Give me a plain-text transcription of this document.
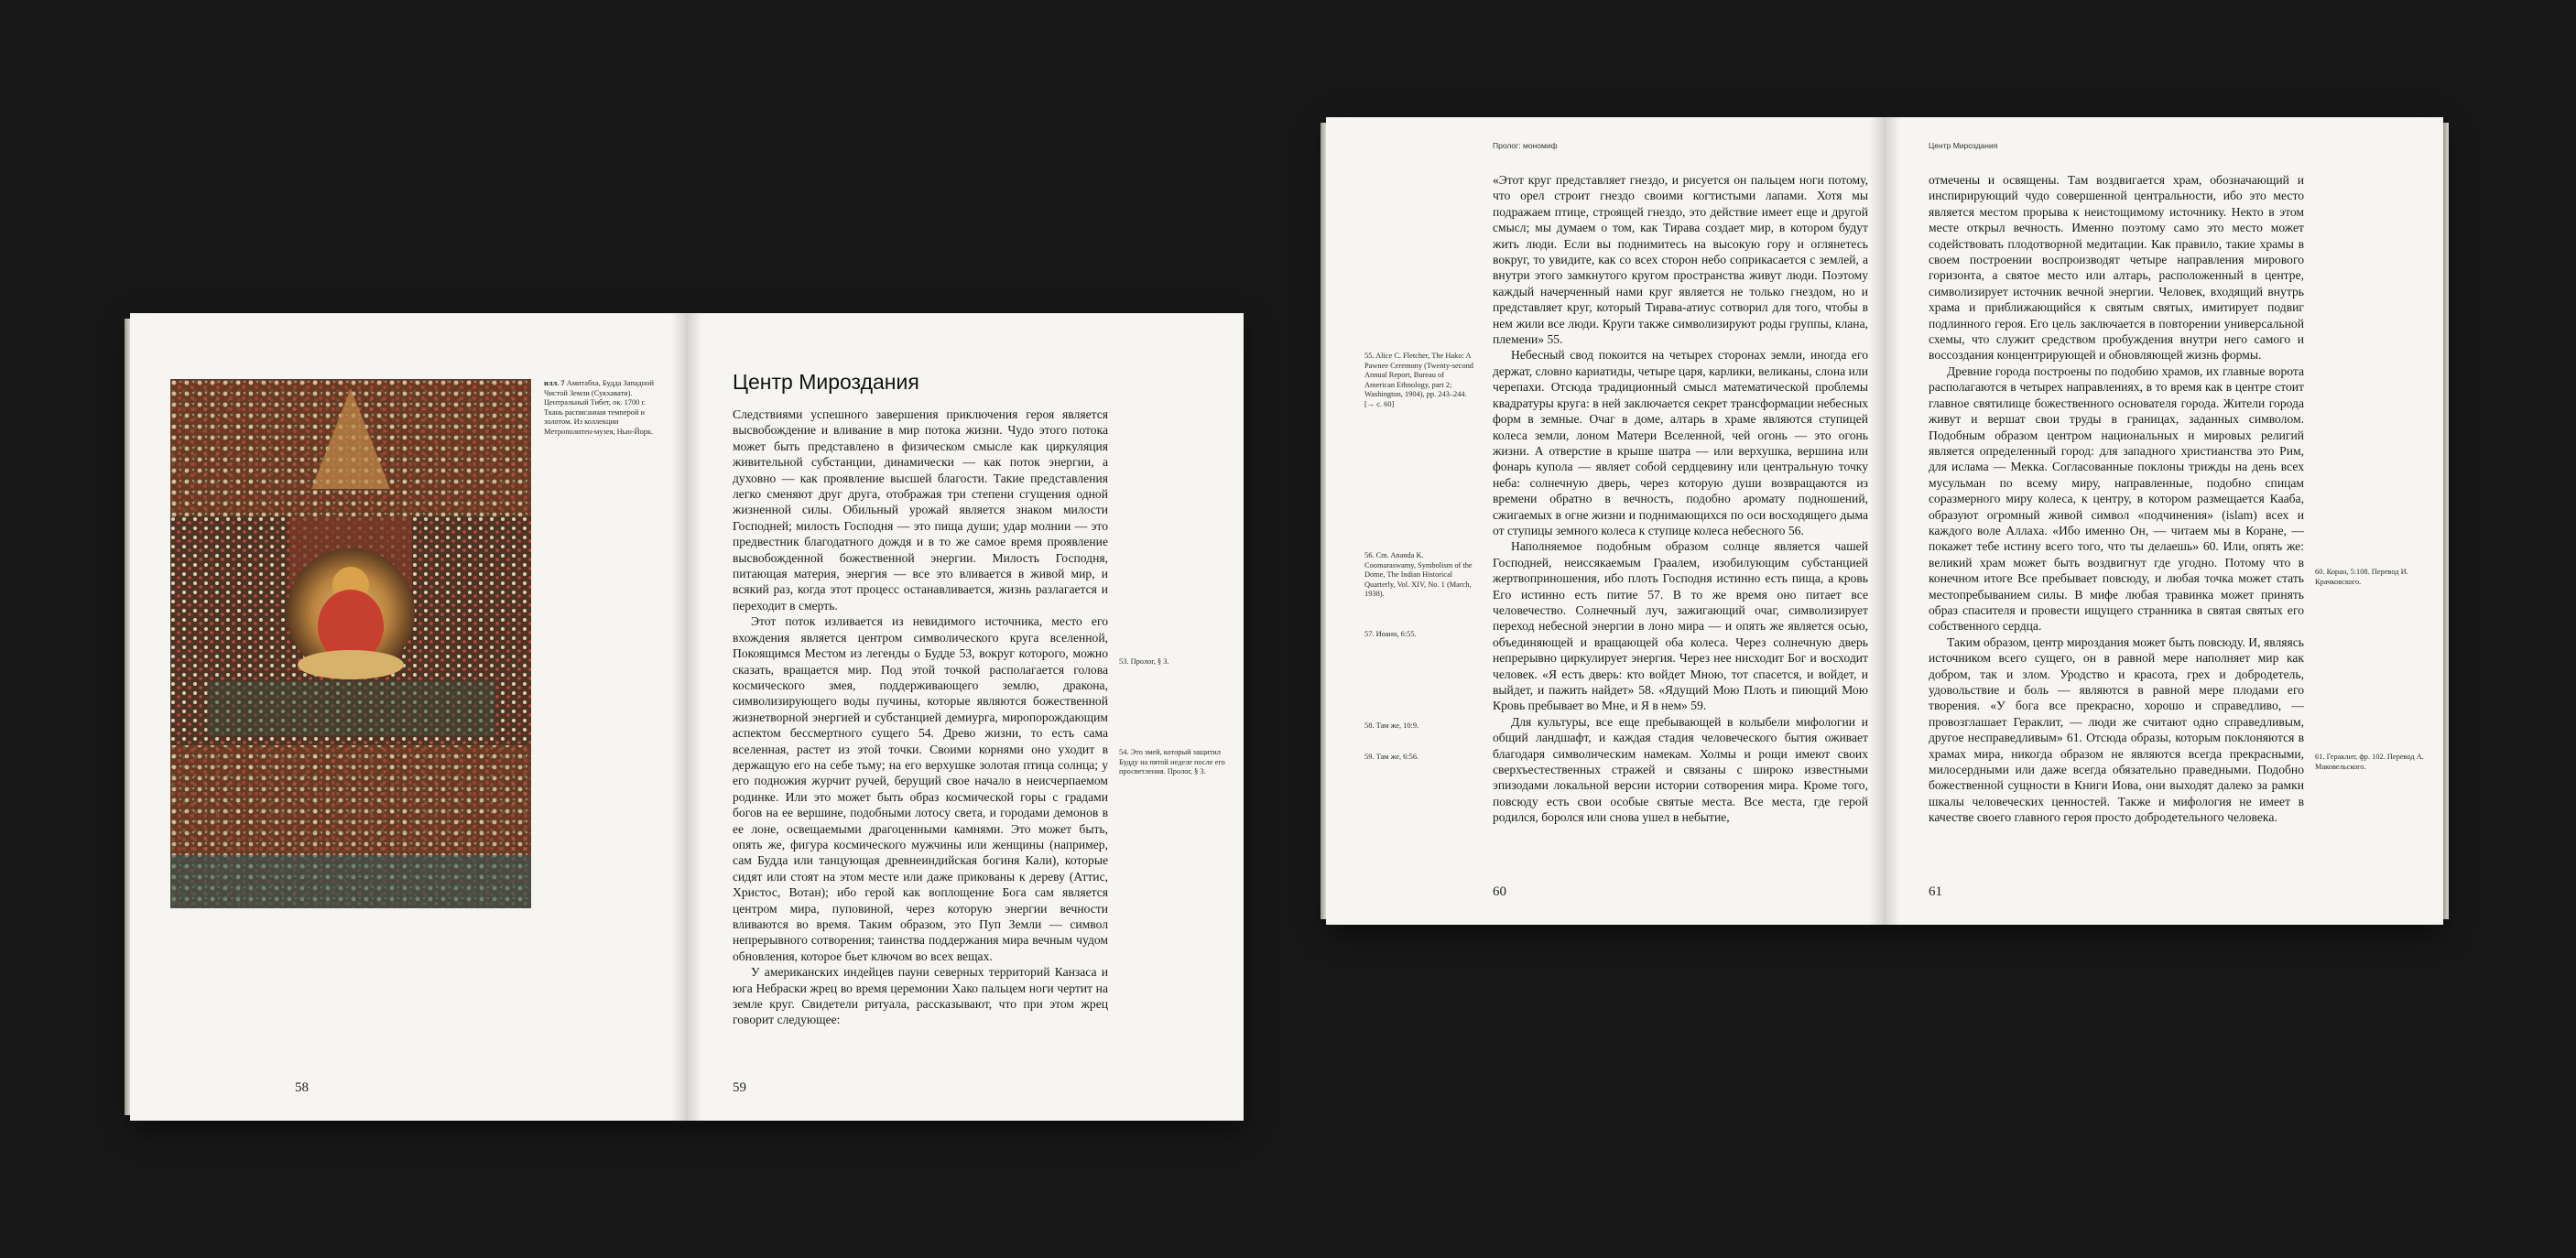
илл. 7 Амитабха, Будда Западной Чистой Земли (Сукхавати). Центральный Тибет, ок. 1700 г. Ткань расписанная темперой и золотом. Из коллекции Метрополитен-музея, Нью-Йорк.
58
Центр Мироздания

Следствиями успешного завершения приключения героя является высвобождение и вливание в мир потока жизни. Чудо этого потока может быть представлено в физическом смысле как циркуляция живительной субстанции, динамически — как поток энергии, а духовно — как проявление высшей благости. Такие представления легко сменяют друг друга, отображая три степени сгущения одной жизненной силы. Обильный урожай является знаком милости Господней; милость Господня — это пища души; удар молнии — это предвестник благодатного дождя и в то же самое время проявление высвобожденной божественной энергии. Милость Господня, питающая материя, энергия — все это вливается в живой мир, и всякий раз, когда этот процесс останавливается, жизнь разлагается и переходит в смерть.

Этот поток изливается из невидимого источника, место его вхождения является центром символического круга вселенной, Покоящимся Местом из легенды о Будде 53, вокруг которого, можно сказать, вращается мир. Под этой точкой располагается голова космического змея, поддерживающего землю, дракона, символизирующего воды пучины, которые являются божественной жизнетворной энергией и субстанцией демиурга, миропорождающим аспектом бессмертного сущего 54. Древо жизни, то есть сама вселенная, растет из этой точки. Своими корнями оно уходит в держащую его на себе тьму; на его верхушке золотая птица солнца; у его подножия журчит ручей, берущий свое начало в неисчерпаемом родинке. Или это может быть образ космической горы с градами богов на ее вершине, подобными лотосу света, и городами демонов в ее лоне, освещаемыми драгоценными камнями. Это может быть, опять же, фигура космического мужчины или женщины (например, сам Будда или танцующая древнеиндийская богиня Кали), которые сидят или стоят на этом месте или даже прикованы к дереву (Аттис, Христос, Вотан); ибо герой как воплощение Бога сам является центром мира, пуповиной, через которую энергии вечности вливаются во время. Таким образом, это Пуп Земли — символ непрерывного сотворения; таинства поддержания мира вечным чудом обновления, которое бьет ключом во всех вещах.

У американских индейцев пауни северных территорий Канзаса и юга Небраски жрец во время церемонии Хако пальцем ноги чертит на земле круг. Свидетели ритуала, рассказывают, что при этом жрец говорит следующее:

53. Пролог, § 3.
54. Это змей, который защитил Будду на пятой неделе после его просветления. Пролог, § 3.
59
Пролог: мономиф

«Этот круг представляет гнездо, и рисуется он пальцем ноги потому, что орел строит гнездо своими когтистыми лапами. Хотя мы подражаем птице, строящей гнездо, это действие имеет еще и другой смысл; мы думаем о том, как Тирава создает мир, в котором будут жить люди. Если вы поднимитесь на высокую гору и оглянетесь вокруг, то увидите, как со всех сторон небо соприкасается с землей, а внутри этого замкнутого кругом пространства живут люди. Поэтому каждый начерченный нами круг является не только гнездом, но и представляет круг, который Тирава-атиус сотворил для того, чтобы в нем жили все люди. Круги также символизируют роды группы, клана, племени» 55.

Небесный свод покоится на четырех сторонах земли, иногда его держат, словно кариатиды, четыре царя, карлики, великаны, слона или черепахи. Отсюда традиционный смысл математической проблемы квадратуры круга: в ней заключается секрет трансформации небесных форм в земные. Очаг в доме, алтарь в храме являются ступицей колеса земли, лоном Матери Вселенной, чей огонь — это огонь жизни. А отверстие в крыше шатра — или верхушка, вершина или фонарь купола — являет собой сердцевину или центральную точку неба: солнечную дверь, через которую души возвращаются из времени обратно в вечность, подобно аромату подношений, сжигаемых в огне жизни и поднимающихся по оси восходящего дыма от ступицы земного колеса к ступице колеса небесного 56.

Наполняемое подобным образом солнце является чашей Господней, неиссякаемым Граалем, изобилующим субстанцией жертвоприношения, ибо плоть Господня истинно есть пища, а кровь Его истинно есть питие 57. В то же время оно питает все человечество. Солнечный луч, зажигающий очаг, символизирует переход небесной энергии в лоно мира — и опять же является осью, объединяющей и вращающей оба колеса. Через солнечную дверь непрерывно циркулирует энергия. Через нее нисходит Бог и восходит человек. «Я есть дверь: кто войдет Мною, тот спасется, и войдет, и выйдет, и пажить найдет» 58. «Ядущий Мою Плоть и пиющий Мою Кровь пребывает во Мне, и Я в нем» 59.

Для культуры, все еще пребывающей в колыбели мифологии и общий ландшафт, и каждая стадия человеческого бытия оживает благодаря символическим намекам. Холмы и рощи имеют своих сверхъестественных стражей и связаны с широко известными эпизодами локальной версии истории сотворения мира. Кроме того, повсюду есть свои особые святые места. Все места, где герой родился, боролся или снова ушел в небытие,

55. Alice C. Fletcher, The Hako: A Pawnee Ceremony (Twenty-second Annual Report, Bureau of American Ethnology, part 2; Washington, 1904), pp. 243–244. [→ с. 60]
56. Cm. Ananda K. Coomaraswamy, Symbolism of the Dome, The Indian Historical Quarterly, Vol. XIV, No. 1 (March, 1938).
57. Иоанн, 6:55.
58. Там же, 10:9.
59. Там же, 6:56.
60
Центр Мироздания

отмечены и освящены. Там воздвигается храм, обозначающий и инспирирующий чудо совершенной центральности, ибо это место является местом прорыва к неистощимому источнику. Некто в этом месте открыл вечность. Именно поэтому само это место может содействовать плодотворной медитации. Как правило, такие храмы в своем построении воспроизводят четыре направления мирового горизонта, а святое место или алтарь, расположенный в центре, символизирует источник вечной энергии. Человек, входящий внутрь храма и приближающийся к святым святых, имитирует подвиг подлинного героя. Его цель заключается в повторении универсальной схемы, что служит средством пробуждения внутри него самого и воссоздания концентрирующей и обновляющей жизнь формы.

Древние города построены по подобию храмов, их главные ворота располагаются в четырех направлениях, в то время как в центре стоит главное святилище божественного основателя города. Жители города живут и вершат свои труды в границах, заданных символом. Подобным образом центром национальных и мировых религий является определенный город: для западного христианства это Рим, для ислама — Мекка. Согласованные поклоны трижды на день всех мусульман по всему миру, направленные, подобно спицам соразмерного миру колеса, к центру, в котором размещается Кааба, образуют огромный живой символ «подчинения» (islam) всех и каждого воле Аллаха. «Ибо именно Он, — читаем мы в Коране, — покажет тебе истину всего того, что ты делаешь» 60. Или, опять же: великий храм может быть воздвигнут где угодно. Потому что в конечном итоге Все пребывает повсюду, и любая точка может стать местопребыванием силы. В мифе любая травинка может принять образ спасителя и провести ищущего странника в святая святых его собственного сердца.

Таким образом, центр мироздания может быть повсюду. И, являясь источником всего сущего, он в равной мере наполняет мир как добром, так и злом. Уродство и красота, грех и добродетель, удовольствие и боль — являются в равной мере плодами его творения. «У бога все прекрасно, хорошо и справедливо, — провозглашает Гераклит, — люди же считают одно справедливым, другое несправедливым» 61. Отсюда образы, которым поклоняются в храмах мира, никогда образом не являются всегда прекрасными, милосердными или даже всегда обязательно праведными. Подобно божественной сущности в Книги Иова, они выходят далеко за рамки шкалы человеческих ценностей. Также и мифология не имеет в качестве своего главного героя просто добродетельного человека.

60. Коран, 5:108. Перевод И. Крачковского.
61. Гераклит, фр. 102. Перевод А. Маковельского.
61
